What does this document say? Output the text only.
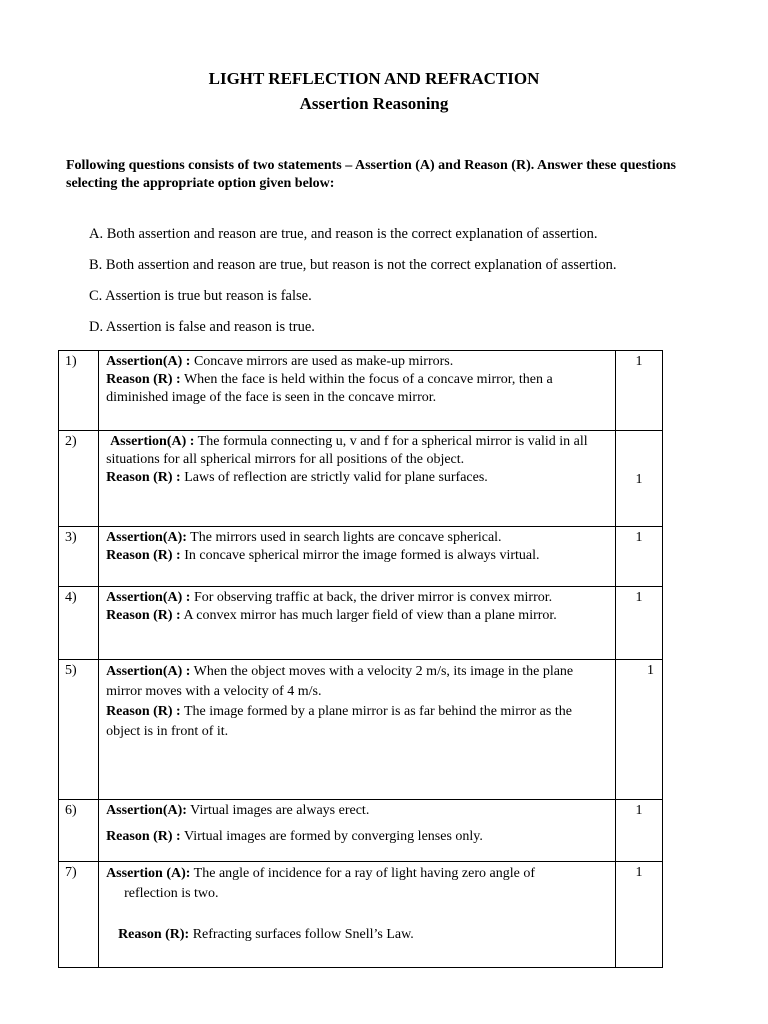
LIGHT REFLECTION AND REFRACTION
Assertion Reasoning
Following questions consists of two statements – Assertion (A) and Reason (R). Answer these questions selecting the appropriate option given below:
A. Both assertion and reason are true, and reason is the correct explanation of assertion.
B. Both assertion and reason are true, but reason is not the correct explanation of assertion.
C. Assertion is true but reason is false.
D. Assertion is false and reason is true.
1)	Assertion(A) : Concave mirrors are used as make-up mirrors.
Reason (R) : When the face is held within the focus of a concave mirror, then a diminished image of the face is seen in the concave mirror.	1
2)	Assertion(A) : The formula connecting u, v and f for a spherical mirror is valid in all
situations for all spherical mirrors for all positions of the object.
Reason (R) : Laws of reflection are strictly valid for plane surfaces.	1
3)	Assertion(A): The mirrors used in search lights are concave spherical.
Reason (R) : In concave spherical mirror the image formed is always virtual.	1
4)	Assertion(A) : For observing traffic at back, the driver mirror is convex mirror.
Reason (R) : A convex mirror has much larger field of view than a plane mirror.	1
5)	Assertion(A) : When the object moves with a velocity 2 m/s, its image in the plane mirror moves with a velocity of 4 m/s.
Reason (R) : The image formed by a plane mirror is as far behind the mirror as the object is in front of it.	1
6)	Assertion(A): Virtual images are always erect.
Reason (R) : Virtual images are formed by converging lenses only.	1
7)	Assertion (A): The angle of incidence for a ray of light having zero angle of
reflection is two.
Reason (R): Refracting surfaces follow Snell’s Law.	1
